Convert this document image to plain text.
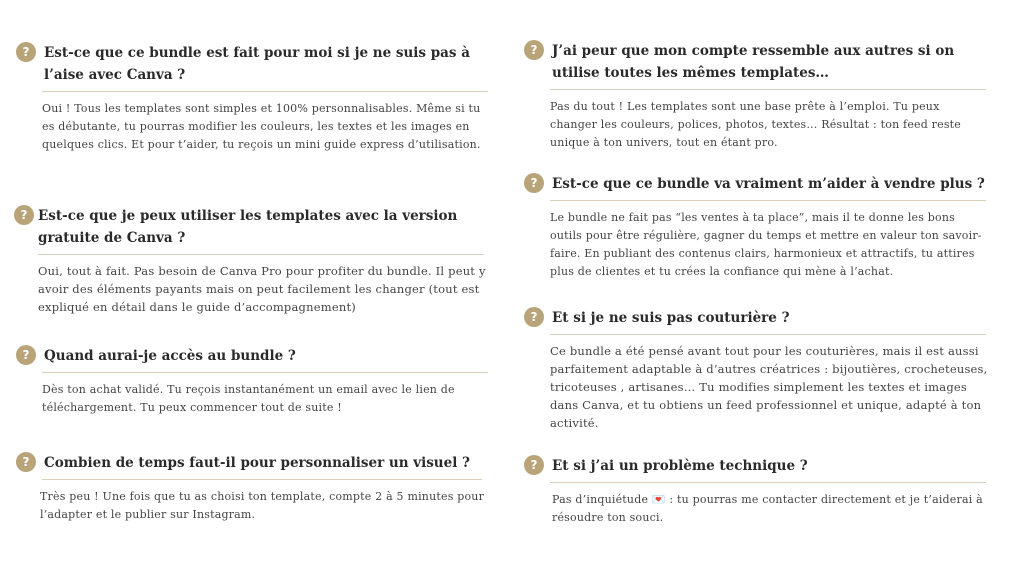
?	Est-ce que ce bundle est fait pour moi si je ne suis pas à l’aise avec Canva ?
Oui ! Tous les templates sont simples et 100% personnalisables. Même si tu es débutante, tu pourras modifier les couleurs, les textes et les images en quelques clics. Et pour t’aider, tu reçois un mini guide express d’utilisation.
? Est-ce que je peux utiliser les templates avec la version gratuite de Canva ?
Oui, tout à fait. Pas besoin de Canva Pro pour profiter du bundle. Il peut y avoir des éléments payants mais on peut facilement les changer (tout est expliqué en détail dans le guide d’accompagnement)
?	Quand aurai-je accès au bundle ?
Dès ton achat validé. Tu reçois instantanément un email avec le lien de téléchargement. Tu peux commencer tout de suite !
?	Combien de temps faut-il pour personnaliser un visuel ?
Très peu ! Une fois que tu as choisi ton template, compte 2 à 5 minutes pour l’adapter et le publier sur Instagram.
?	J’ai peur que mon compte ressemble aux autres si on utilise toutes les mêmes templates…
Pas du tout ! Les templates sont une base prête à l’emploi. Tu peux changer les couleurs, polices, photos, textes… Résultat : ton feed reste unique à ton univers, tout en étant pro.
?	Est-ce que ce bundle va vraiment m’aider à vendre plus ?
Le bundle ne fait pas “les ventes à ta place”, mais il te donne les bons outils pour être régulière, gagner du temps et mettre en valeur ton savoir-faire. En publiant des contenus clairs, harmonieux et attractifs, tu attires plus de clientes et tu crées la confiance qui mène à l’achat.
?	Et si je ne suis pas couturière ?
Ce bundle a été pensé avant tout pour les couturières, mais il est aussi parfaitement adaptable à d’autres créatrices : bijoutières, crocheteuses, tricoteuses , artisanes… Tu modifies simplement les textes et images dans Canva, et tu obtiens un feed professionnel et unique, adapté à ton activité.
?	Et si j’ai un problème technique ?
Pas d’inquiétude 💌 : tu pourras me contacter directement et je t’aiderai à résoudre ton souci.
